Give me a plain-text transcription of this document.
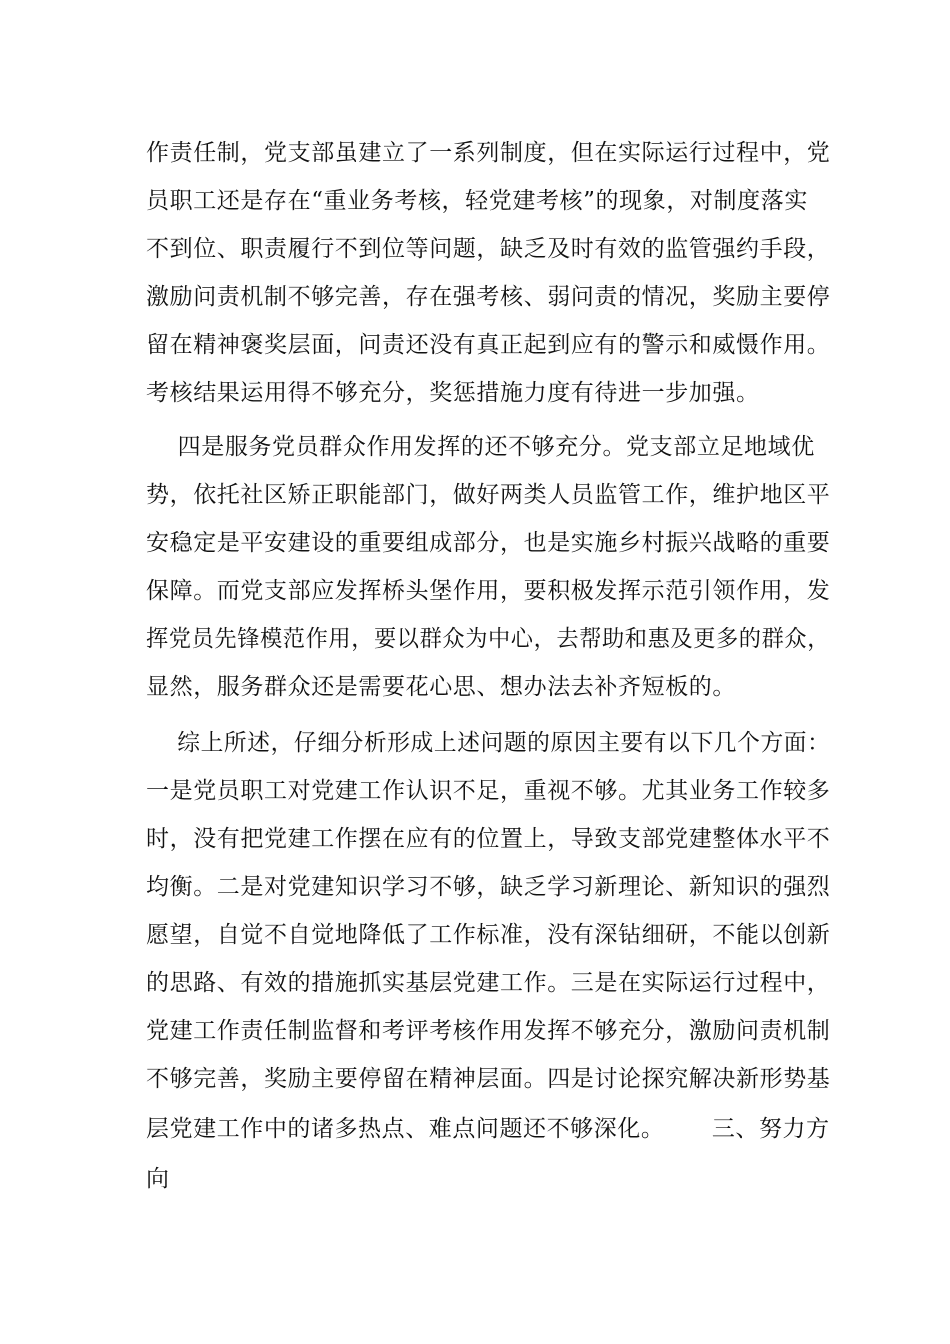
作责任制，党支部虽建立了一系列制度，但在实际运行过程中，党
员职工还是存在“重业务考核，轻党建考核”的现象，对制度落实
不到位、职责履行不到位等问题，缺乏及时有效的监管强约手段，
激励问责机制不够完善，存在强考核、弱问责的情况，奖励主要停
留在精神褒奖层面，问责还没有真正起到应有的警示和威慑作用。
考核结果运用得不够充分，奖惩措施力度有待进一步加强。
四是服务党员群众作用发挥的还不够充分。党支部立足地域优
势，依托社区矫正职能部门，做好两类人员监管工作，维护地区平
安稳定是平安建设的重要组成部分，也是实施乡村振兴战略的重要
保障。而党支部应发挥桥头堡作用，要积极发挥示范引领作用，发
挥党员先锋模范作用，要以群众为中心，去帮助和惠及更多的群众，
显然，服务群众还是需要花心思、想办法去补齐短板的。
综上所述，仔细分析形成上述问题的原因主要有以下几个方面：
一是党员职工对党建工作认识不足，重视不够。尤其业务工作较多
时，没有把党建工作摆在应有的位置上，导致支部党建整体水平不
均衡。二是对党建知识学习不够，缺乏学习新理论、新知识的强烈
愿望，自觉不自觉地降低了工作标准，没有深钻细研，不能以创新
的思路、有效的措施抓实基层党建工作。三是在实际运行过程中，
党建工作责任制监督和考评考核作用发挥不够充分，激励问责机制
不够完善，奖励主要停留在精神层面。四是讨论探究解决新形势基
层党建工作中的诸多热点、难点问题还不够深化。      三、努力方
向
